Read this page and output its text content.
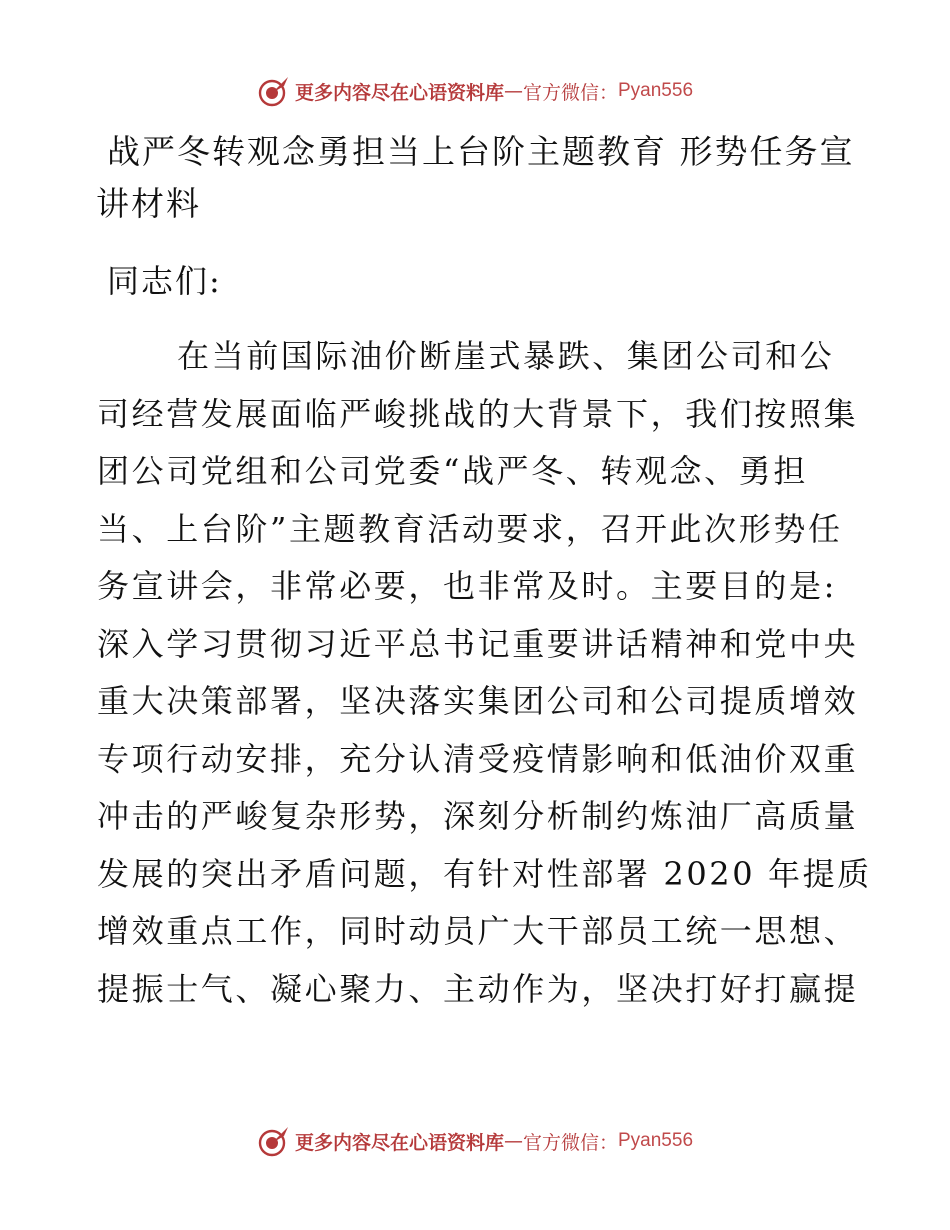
更多内容尽在心语资料库 — 官方微信： Pyan556
战严冬转观念勇担当上台阶主题教育 形势任务宣
讲材料

同志们:

在当前国际油价断崖式暴跌、集团公司和公
司经营发展面临严峻挑战的大背景下，我们按照集
团公司党组和公司党委“战严冬、转观念、勇担
当、上台阶”主题教育活动要求，召开此次形势任
务宣讲会，非常必要，也非常及时。主要目的是:
深入学习贯彻习近平总书记重要讲话精神和党中央
重大决策部署，坚决落实集团公司和公司提质增效
专项行动安排，充分认清受疫情影响和低油价双重
冲击的严峻复杂形势，深刻分析制约炼油厂高质量
发展的突出矛盾问题，有针对性部署 2020 年提质
增效重点工作，同时动员广大干部员工统一思想、
提振士气、凝心聚力、主动作为，坚决打好打赢提
更多内容尽在心语资料库 — 官方微信： Pyan556
